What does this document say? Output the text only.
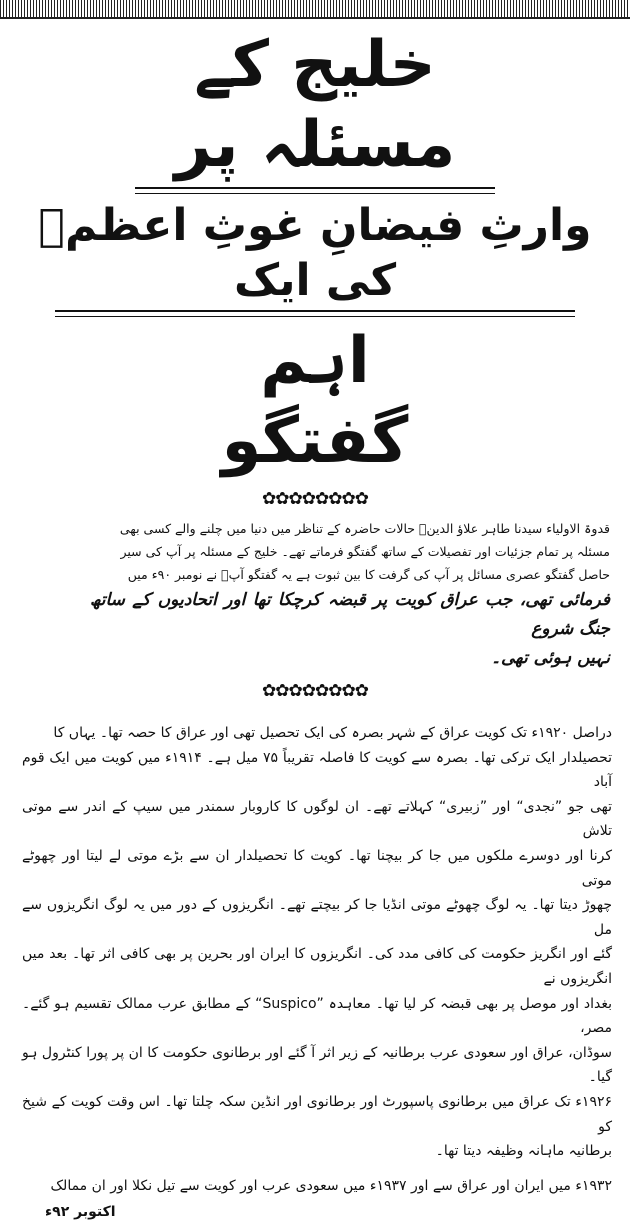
خلیج کے مسئلہ پر
وارثِ فیضانِ غوثِ اعظمؓ کی ایک
اہم گفتگو
✿✿✿✿✿✿✿✿
قدوۃ الاولیاء سیدنا طاہر علاؤ الدینؒ حالات حاضرہ کے تناظر میں دنیا میں چلنے والے کسی بھی
مسئلہ پر تمام جزئیات اور تفصیلات کے ساتھ گفتگو فرماتے تھے۔ خلیج کے مسئلہ پر آپ کی سیر
حاصل گفتگو عصری مسائل پر آپ کی گرفت کا بین ثبوت ہے یہ گفتگو آپؒ نے نومبر ۹۰ء میں
فرمائی تھی، جب عراق کویت پر قبضہ کرچکا تھا اور اتحادیوں کے ساتھ جنگ شروع
نہیں ہوئی تھی۔
✿✿✿✿✿✿✿✿
دراصل ۱۹۲۰ء تک کویت عراق کے شہر بصرہ کی ایک تحصیل تھی اور عراق کا حصہ تھا۔ یہاں کا
تحصیلدار ایک ترکی تھا۔ بصرہ سے کویت کا فاصلہ تقریباً ۷۵ میل ہے۔ ۱۹۱۴ء میں کویت میں ایک قوم آباد
تھی جو ”نجدی“ اور ”زبیری“ کہلاتے تھے۔ ان لوگوں کا کاروبار سمندر میں سیپ کے اندر سے موتی تلاش
کرنا اور دوسرے ملکوں میں جا کر بیچنا تھا۔ کویت کا تحصیلدار ان سے بڑے موتی لے لیتا اور چھوٹے موتی
چھوڑ دیتا تھا۔ یہ لوگ چھوٹے موتی انڈیا جا کر بیچتے تھے۔ انگریزوں کے دور میں یہ لوگ انگریزوں سے مل
گئے اور انگریز حکومت کی کافی مدد کی۔ انگریزوں کا ایران اور بحرین پر بھی کافی اثر تھا۔ بعد میں انگریزوں نے
بغداد اور موصل پر بھی قبضہ کر لیا تھا۔ معاہدہ ”Suspico“ کے مطابق عرب ممالک تقسیم ہو گئے۔ مصر،
سوڈان، عراق اور سعودی عرب برطانیہ کے زیر اثر آ گئے اور برطانوی حکومت کا ان پر پورا کنٹرول ہو گیا۔
۱۹۲۶ء تک عراق میں برطانوی پاسپورٹ اور برطانوی اور انڈین سکہ چلتا تھا۔ اس وقت کویت کے شیخ کو
برطانیہ ماہانہ وظیفہ دیتا تھا۔
۱۹۳۲ء میں ایران اور عراق سے اور ۱۹۳۷ء میں سعودی عرب اور کویت سے تیل نکلا اور ان ممالک
اکتوبر ۹۲ء
